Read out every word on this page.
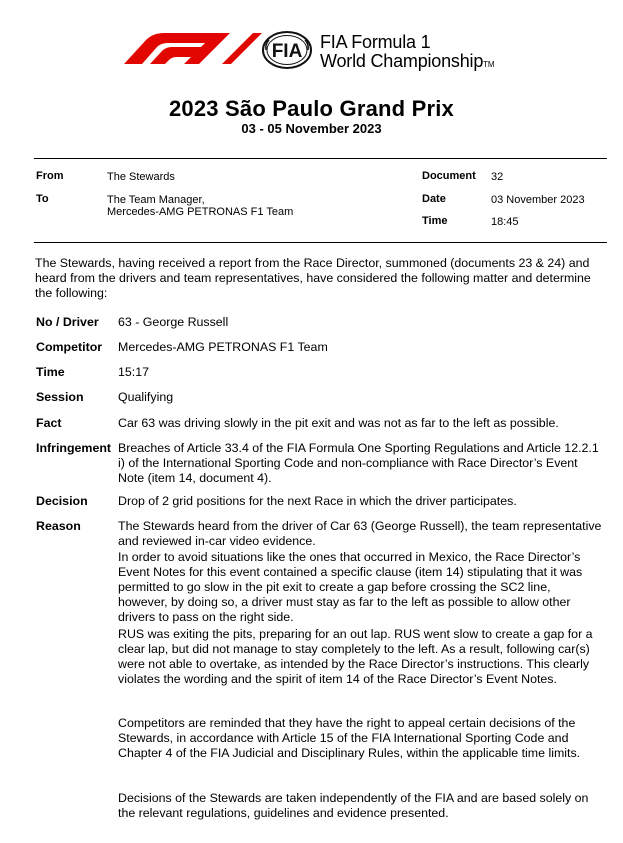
FIA FIA Formula 1
World ChampionshipTM
2023 São Paulo Grand Prix
03 - 05 November 2023
From	The Stewards
To	The Team Manager,
Mercedes-AMG PETRONAS F1 Team
Document 32
Date	03 November 2023
Time	18:45
The Stewards, having received a report from the Race Director, summoned (documents 23 & 24) and heard from the drivers and team representatives, have considered the following matter and determine the following:
No / Driver 63 - George Russell
Competitor Mercedes-AMG PETRONAS F1 Team
Time	15:17
Session	Qualifying
Fact	Car 63 was driving slowly in the pit exit and was not as far to the left as possible.
Infringement Breaches of Article 33.4 of the FIA Formula One Sporting Regulations and Article 12.2.1 i) of the International Sporting Code and non-compliance with Race Director’s Event Note (item 14, document 4).
Decision Drop of 2 grid positions for the next Race in which the driver participates.
Reason	The Stewards heard from the driver of Car 63 (George Russell), the team representative and reviewed in-car video evidence.
In order to avoid situations like the ones that occurred in Mexico, the Race Director’s Event Notes for this event contained a specific clause (item 14) stipulating that it was permitted to go slow in the pit exit to create a gap before crossing the SC2 line, however, by doing so, a driver must stay as far to the left as possible to allow other drivers to pass on the right side.
RUS was exiting the pits, preparing for an out lap. RUS went slow to create a gap for a clear lap, but did not manage to stay completely to the left. As a result, following car(s) were not able to overtake, as intended by the Race Director’s instructions. This clearly violates the wording and the spirit of item 14 of the Race Director’s Event Notes.
Competitors are reminded that they have the right to appeal certain decisions of the Stewards, in accordance with Article 15 of the FIA International Sporting Code and Chapter 4 of the FIA Judicial and Disciplinary Rules, within the applicable time limits.
Decisions of the Stewards are taken independently of the FIA and are based solely on the relevant regulations, guidelines and evidence presented.
